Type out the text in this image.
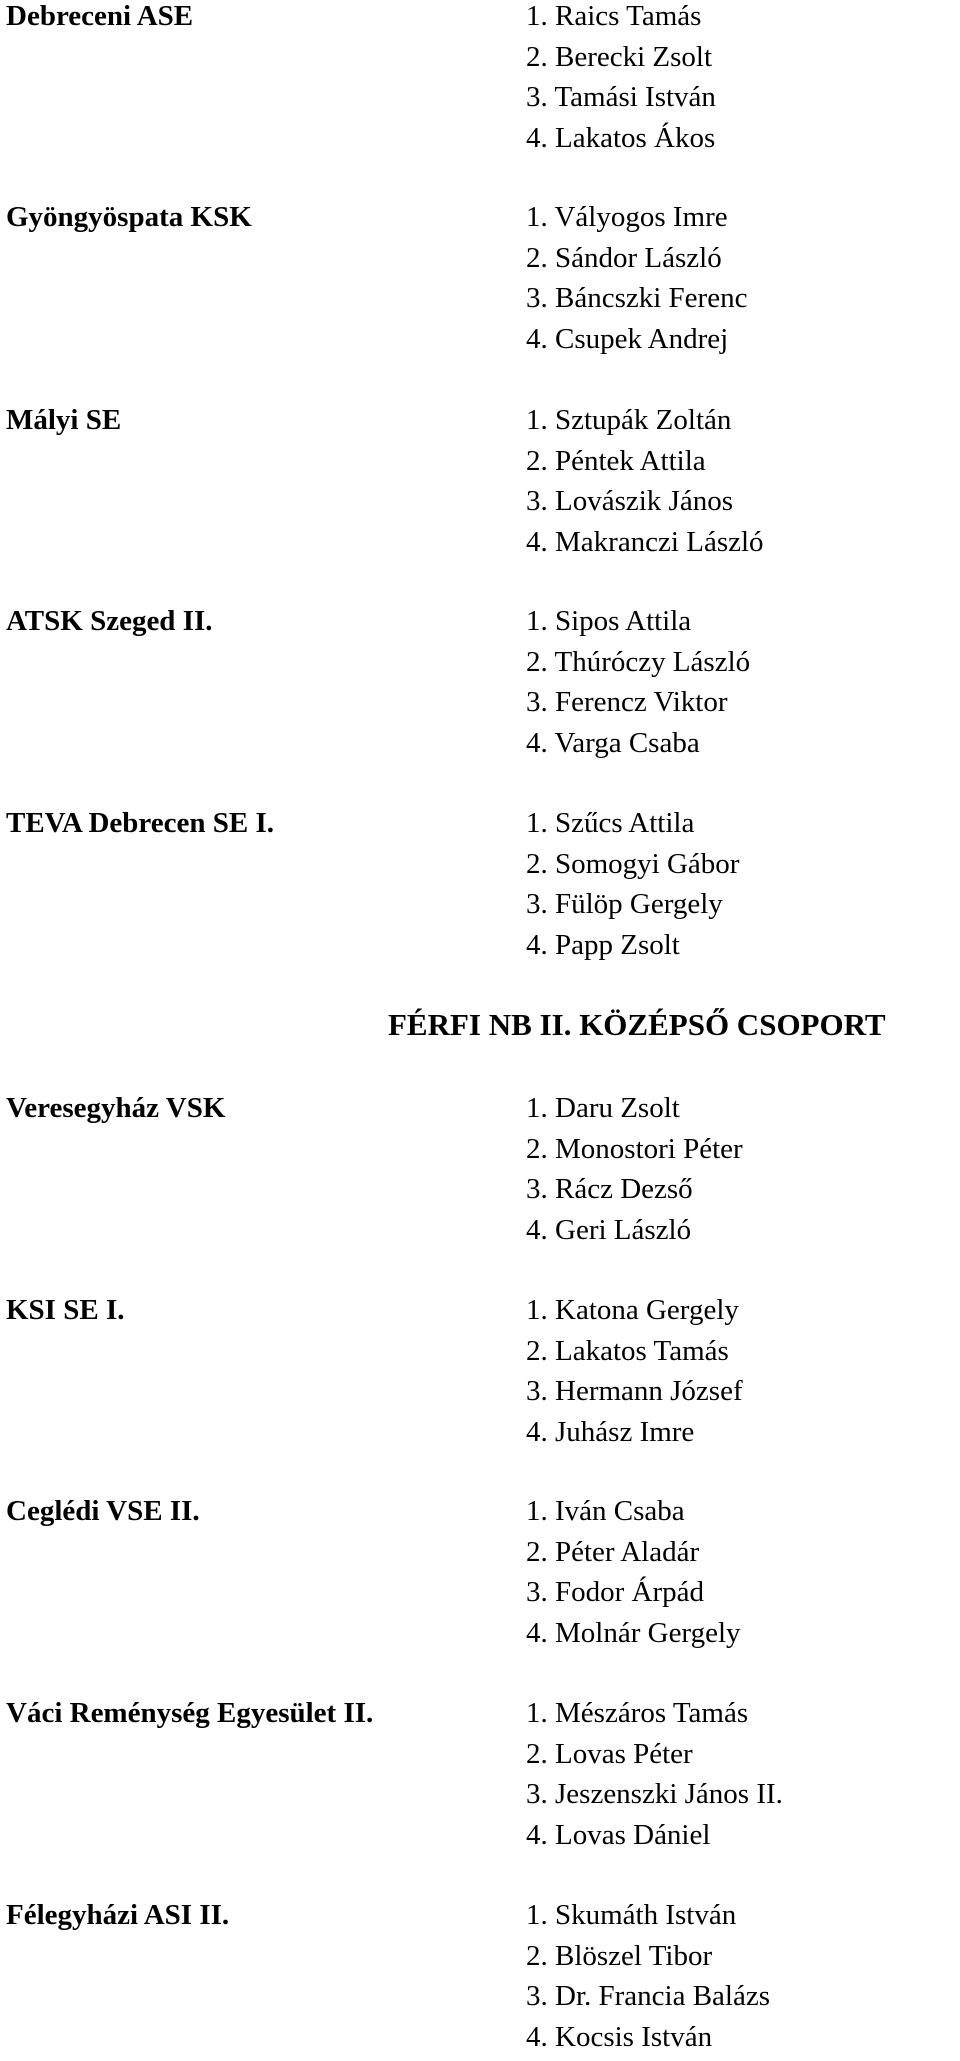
Debreceni ASE	1. Raics Tamás
2. Berecki Zsolt
3. Tamási István
4. Lakatos Ákos
Gyöngyöspata KSK	1. Vályogos Imre
2. Sándor László
3. Báncszki Ferenc
4. Csupek Andrej
Mályi SE	1. Sztupák Zoltán
2. Péntek Attila
3. Lovászik János
4. Makranczi László
ATSK Szeged II.	1. Sipos Attila
2. Thúróczy László
3. Ferencz Viktor
4. Varga Csaba
TEVA Debrecen SE I.	1. Szűcs Attila
2. Somogyi Gábor
3. Fülöp Gergely
4. Papp Zsolt
FÉRFI NB II. KÖZÉPSŐ CSOPORT
Veresegyház VSK	1. Daru Zsolt
2. Monostori Péter
3. Rácz Dezső
4. Geri László
KSI SE I.	1. Katona Gergely
2. Lakatos Tamás
3. Hermann József
4. Juhász Imre
Ceglédi VSE II.	1. Iván Csaba
2. Péter Aladár
3. Fodor Árpád
4. Molnár Gergely
Váci Reménység Egyesület II.	1. Mészáros Tamás
2. Lovas Péter
3. Jeszenszki János II.
4. Lovas Dániel
Félegyházi ASI II.	1. Skumáth István
2. Blöszel Tibor
3. Dr. Francia Balázs
4. Kocsis István
